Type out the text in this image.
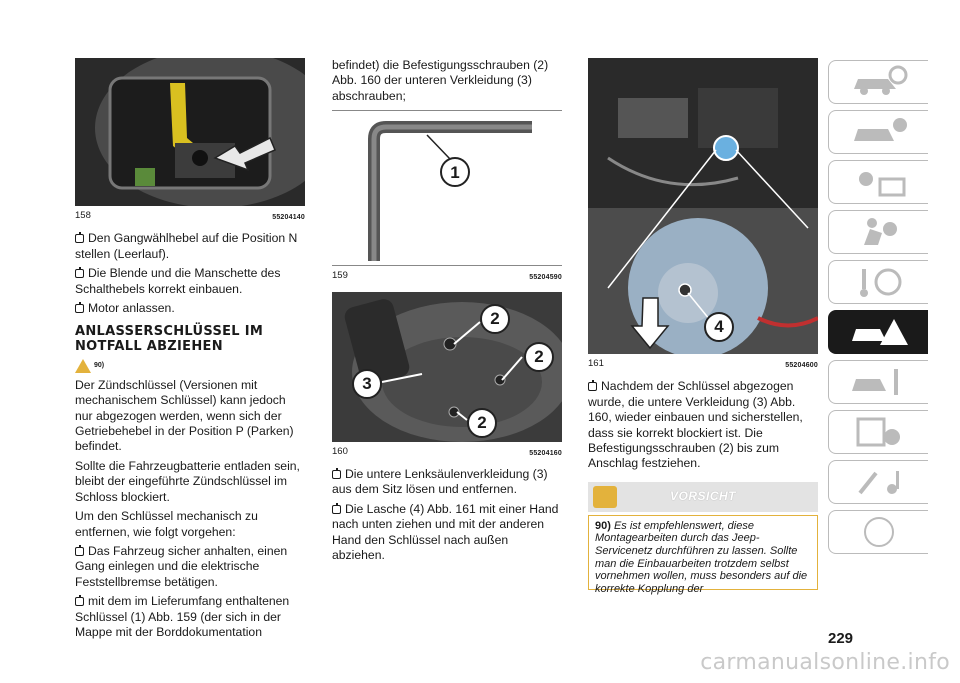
158	55204140

Den Gangwählhebel auf die Position N stellen (Leerlauf).

Die Blende und die Manschette des Schalthebels korrekt einbauen.

Motor anlassen.

ANLASSERSCHLÜSSEL IM
NOTFALL ABZIEHEN
90)

Der Zündschlüssel (Versionen mit mechanischem Schlüssel) kann jedoch nur abgezogen werden, wenn sich der Getriebehebel in der Position P (Parken) befindet.

Sollte die Fahrzeugbatterie entladen sein, bleibt der eingeführte Zündschlüssel im Schloss blockiert.

Um den Schlüssel mechanisch zu entfernen, wie folgt vorgehen:

Das Fahrzeug sicher anhalten, einen Gang einlegen und die elektrische Feststellbremse betätigen.

mit dem im Lieferumfang enthaltenen Schlüssel (1) Abb. 159 (der sich in der Mappe mit der Borddokumentation

befindet) die Befestigungsschrauben (2) Abb. 160 der unteren Verkleidung (3) abschrauben;

1
159	55204590
2
2
3
2
160	55204160

Die untere Lenksäulenverkleidung (3) aus dem Sitz lösen und entfernen.

Die Lasche (4) Abb. 161 mit einer Hand nach unten ziehen und mit der anderen Hand den Schlüssel nach außen abziehen.

4
161	55204600

Nachdem der Schlüssel abgezogen wurde, die untere Verkleidung (3) Abb. 160, wieder einbauen und sicherstellen, dass sie korrekt blockiert ist. Die Befestigungsschrauben (2) bis zum Anschlag festziehen.

VORSICHT
90) Es ist empfehlenswert, diese Montagearbeiten durch das Jeep-Servicenetz durchführen zu lassen. Sollte man die Einbauarbeiten trotzdem selbst vornehmen wollen, muss besonders auf die korrekte Kopplung der
229
carmanualsonline.info
